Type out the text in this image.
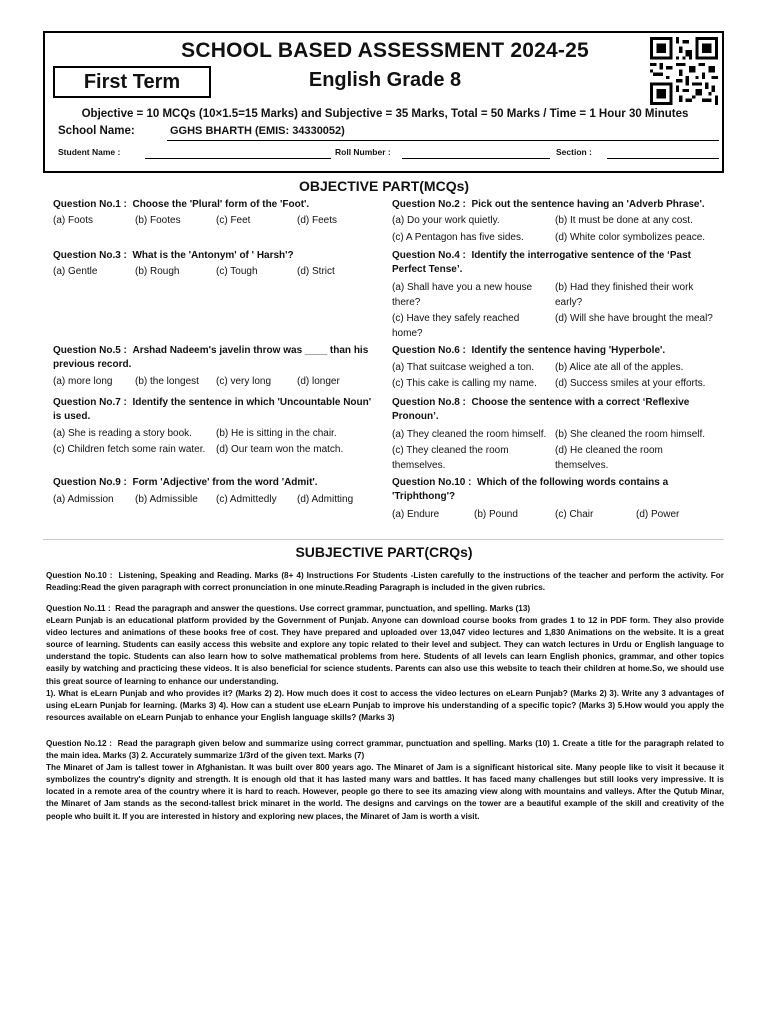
SCHOOL BASED ASSESSMENT 2024-25
First Term	English Grade 8
Objective = 10 MCQs (10×1.5=15 Marks) and Subjective = 35 Marks, Total = 50 Marks / Time = 1 Hour 30 Minutes
School Name:	GGHS BHARTH (EMIS: 34330052)
Student Name :	Roll Number :	Section :
OBJECTIVE PART(MCQs)
Question No.1 : Choose the 'Plural' form of the 'Foot'.
(a) Foots	(b) Footes	(c) Feet	(d) Feets
Question No.3 : What is the 'Antonym' of ' Harsh'?
(a) Gentle	(b) Rough	(c) Tough	(d) Strict
Question No.5 : Arshad Nadeem's javelin throw was ____ than his previous record.
(a) more long (b) the longest (c) very long	(d) longer
Question No.7 : Identify the sentence in which 'Uncountable Noun' is used.
(a) She is reading a story book. (b) He is sitting in the chair.
(c) Children fetch some rain water. (d) Our team won the match.
Question No.9 : Form 'Adjective' from the word 'Admit'.
(a) Admission (b) Admissible (c) Admittedly (d) Admitting
Question No.2 : Pick out the sentence having an 'Adverb Phrase'.
(a) Do your work quietly.	(b) It must be done at any cost.
(c) A Pentagon has five sides.	(d) White color symbolizes peace.
Question No.4 : Identify the interrogative sentence of the ‘Past Perfect Tense’.
(a) Shall have you a new house there?
(b) Had they finished their work early?
(c) Have they safely reached home?
(d) Will she have brought the meal?
Question No.6 : Identify the sentence having 'Hyperbole'.
(a) That suitcase weighed a ton. (b) Alice ate all of the apples.
(c) This cake is calling my name. (d) Success smiles at your efforts.
Question No.8 : Choose the sentence with a correct ‘Reflexive Pronoun’.
(a) They cleaned the room himself. (b) She cleaned the room himself.
(c) They cleaned the room themselves.
(d) He cleaned the room themselves.
Question No.10 : Which of the following words contains a 'Triphthong'?
(a) Endure	(b) Pound	(c) Chair	(d) Power
SUBJECTIVE PART(CRQs)
Question No.10 : Listening, Speaking and Reading. Marks (8+ 4) Instructions For Students -Listen carefully to the instructions of the teacher and perform the activity. For Reading:Read the given paragraph with correct pronunciation in one minute.Reading Paragraph is included in the given rubrics.
Question No.11 : Read the paragraph and answer the questions. Use correct grammar, punctuation, and spelling. Marks (13)
eLearn Punjab is an educational platform provided by the Government of Punjab. Anyone can download course books from grades 1 to 12 in PDF form. They also provide video lectures and animations of these books free of cost. They have prepared and uploaded over 13,047 video lectures and 1,830 Animations on the website. It is a great source of learning. Students can easily access this website and explore any topic related to their level and subject. They can watch lectures in Urdu or English language to understand the topic. Students can also learn how to solve mathematical problems from here. Students of all levels can learn English phonics, grammar, and other topics easily by watching and practicing these videos. It is also beneficial for science students. Parents can also use this website to teach their children at home.So, we should use this great source of learning to enhance our understanding.
1). What is eLearn Punjab and who provides it? (Marks 2) 2). How much does it cost to access the video lectures on eLearn Punjab? (Marks 2) 3). Write any 3 advantages of using eLearn Punjab for learning. (Marks 3) 4). How can a student use eLearn Punjab to improve his understanding of a specific topic? (Marks 3) 5.How would you apply the resources available on eLearn Punjab to enhance your English language skills? (Marks 3)
Question No.12 : Read the paragraph given below and summarize using correct grammar, punctuation and spelling. Marks (10) 1. Create a title for the paragraph related to the main idea. Marks (3) 2. Accurately summarize 1/3rd of the given text. Marks (7)
The Minaret of Jam is tallest tower in Afghanistan. It was built over 800 years ago. The Minaret of Jam is a significant historical site. Many people like to visit it because it symbolizes the country's dignity and strength. It is enough old that it has lasted many wars and battles. It has faced many challenges but still looks very impressive. It is located in a remote area of the country where it is hard to reach. However, people go there to see its amazing view along with mountains and valleys. After the Qutub Minar, the Minaret of Jam stands as the second-tallest brick minaret in the world. The designs and carvings on the tower are a beautiful example of the skill and creativity of the people who built it. If you are interested in history and exploring new places, the Minaret of Jam is worth a visit.
